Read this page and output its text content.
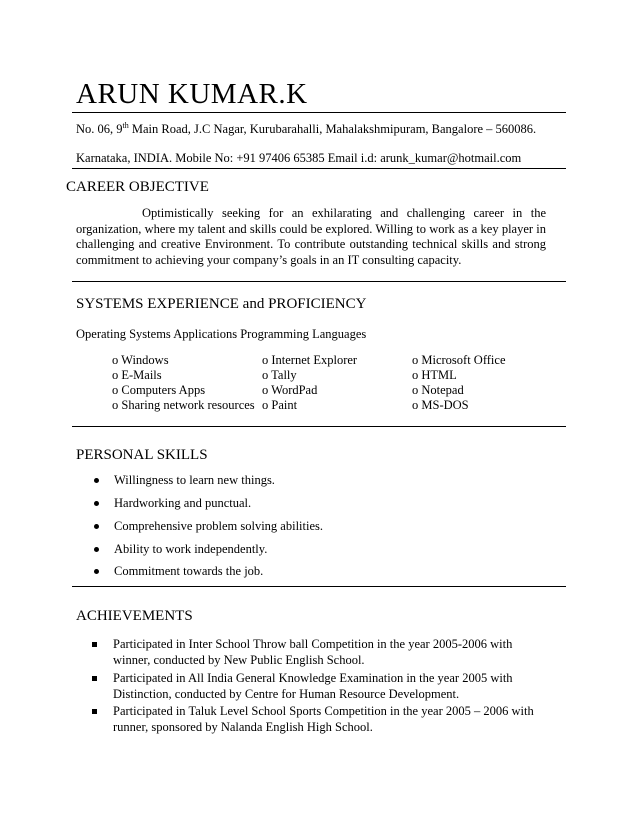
ARUN KUMAR.K
No. 06, 9th Main Road, J.C Nagar, Kurubarahalli, Mahalakshmipuram, Bangalore – 560086.
Karnataka, INDIA. Mobile No: +91 97406 65385 Email i.d: arunk_kumar@hotmail.com
CAREER OBJECTIVE
Optimistically seeking for an exhilarating and challenging career in the organization, where my talent and skills could be explored. Willing to work as a key player in challenging and creative Environment. To contribute outstanding technical skills and strong commitment to achieving your company’s goals in an IT consulting capacity.
SYSTEMS EXPERIENCE and PROFICIENCY
Operating Systems Applications Programming Languages
o Windows
o E-Mails
o Computers Apps
o Sharing network resources
o Internet Explorer
o Tally
o WordPad
o Paint
o Microsoft Office
o HTML
o Notepad
o MS-DOS
PERSONAL SKILLS
Willingness to learn new things.
Hardworking and punctual.
Comprehensive problem solving abilities.
Ability to work independently.
Commitment towards the job.
ACHIEVEMENTS
Participated in Inter School Throw ball Competition in the year 2005-2006 with winner, conducted by New Public English School.
Participated in All India General Knowledge Examination in the year 2005 with Distinction, conducted by Centre for Human Resource Development.
Participated in Taluk Level School Sports Competition in the year 2005 – 2006 with runner, sponsored by Nalanda English High School.
